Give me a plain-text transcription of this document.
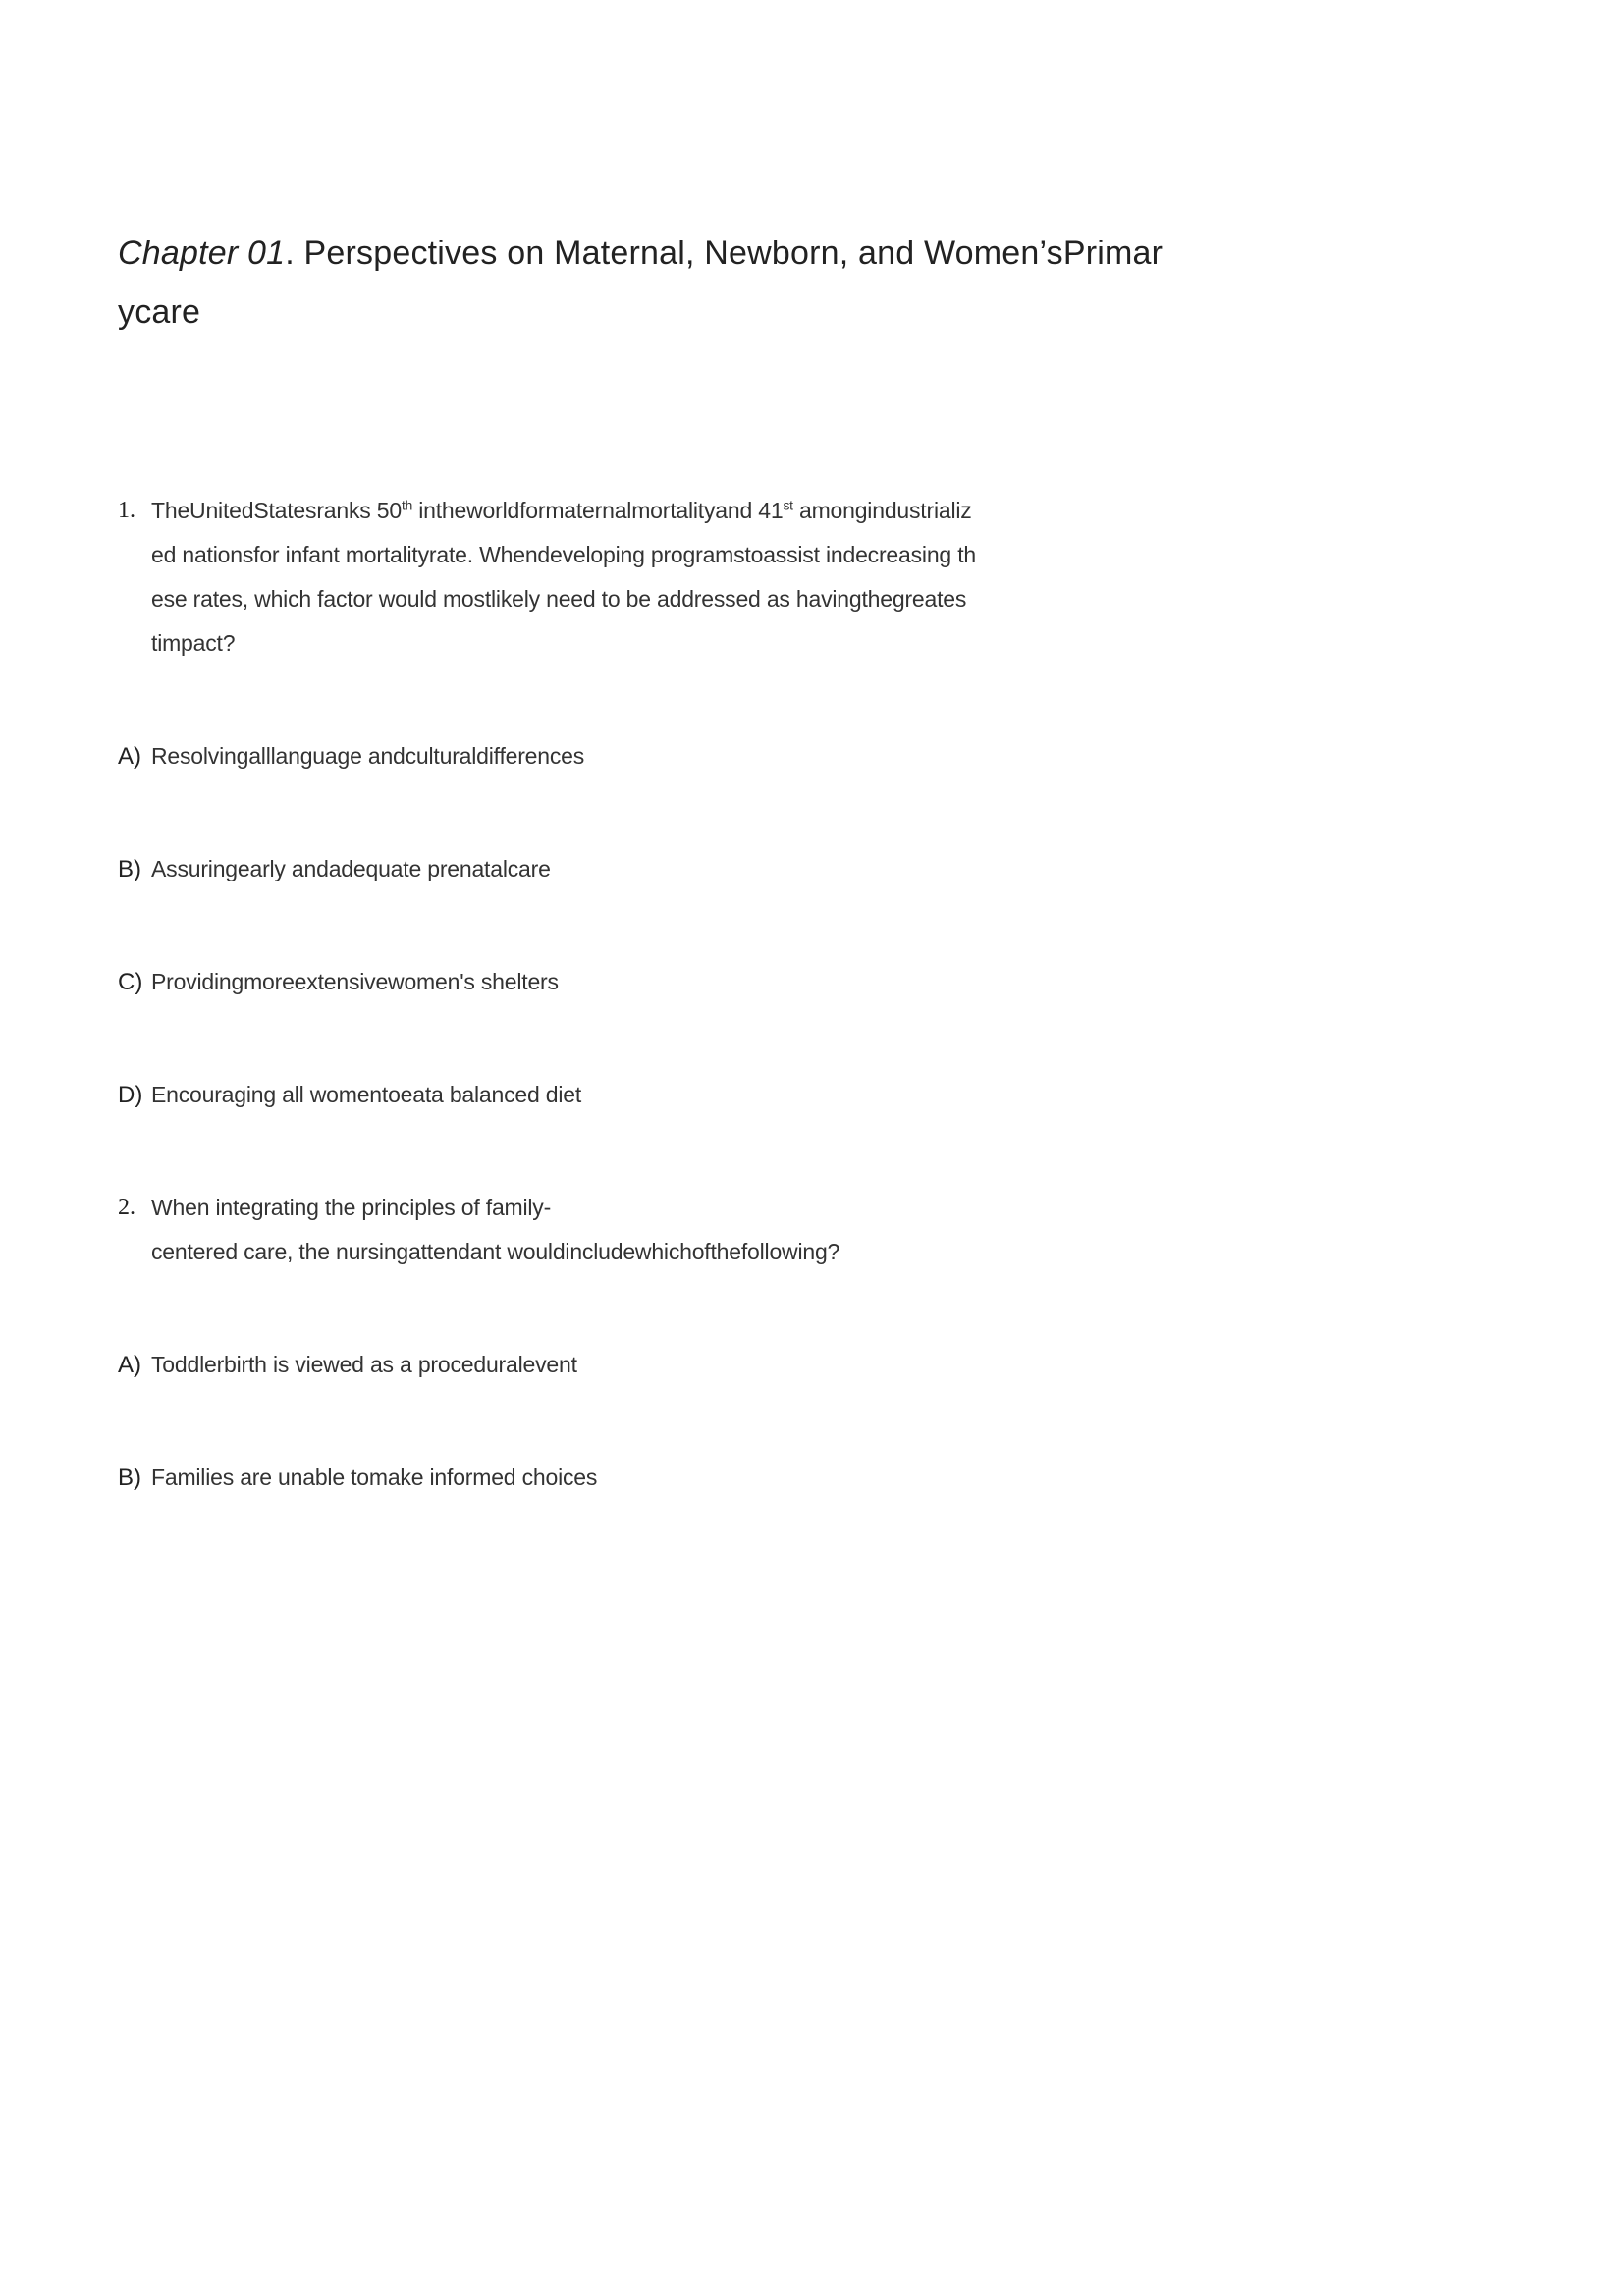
Chapter 01. Perspectives on Maternal, Newborn, and Women’sPrimar
ycare
1. TheUnitedStatesranks 50th intheworldformaternalmortalityand 41st amongindustrializ

ed nationsfor infant mortalityrate. Whendeveloping programstoassist indecreasing th

ese rates, which factor would mostlikely need to be addressed as havingthegreates

timpact?

A) Resolvingalllanguage andculturaldifferences
B) Assuringearly andadequate prenatalcare
C) Providingmoreextensivewomen's shelters
D) Encouraging all womentoeata balanced diet
2. When integrating the principles of family-

centered care, the nursingattendant wouldincludewhichofthefollowing?

A) Toddlerbirth is viewed as a proceduralevent
B) Families are unable tomake informed choices
